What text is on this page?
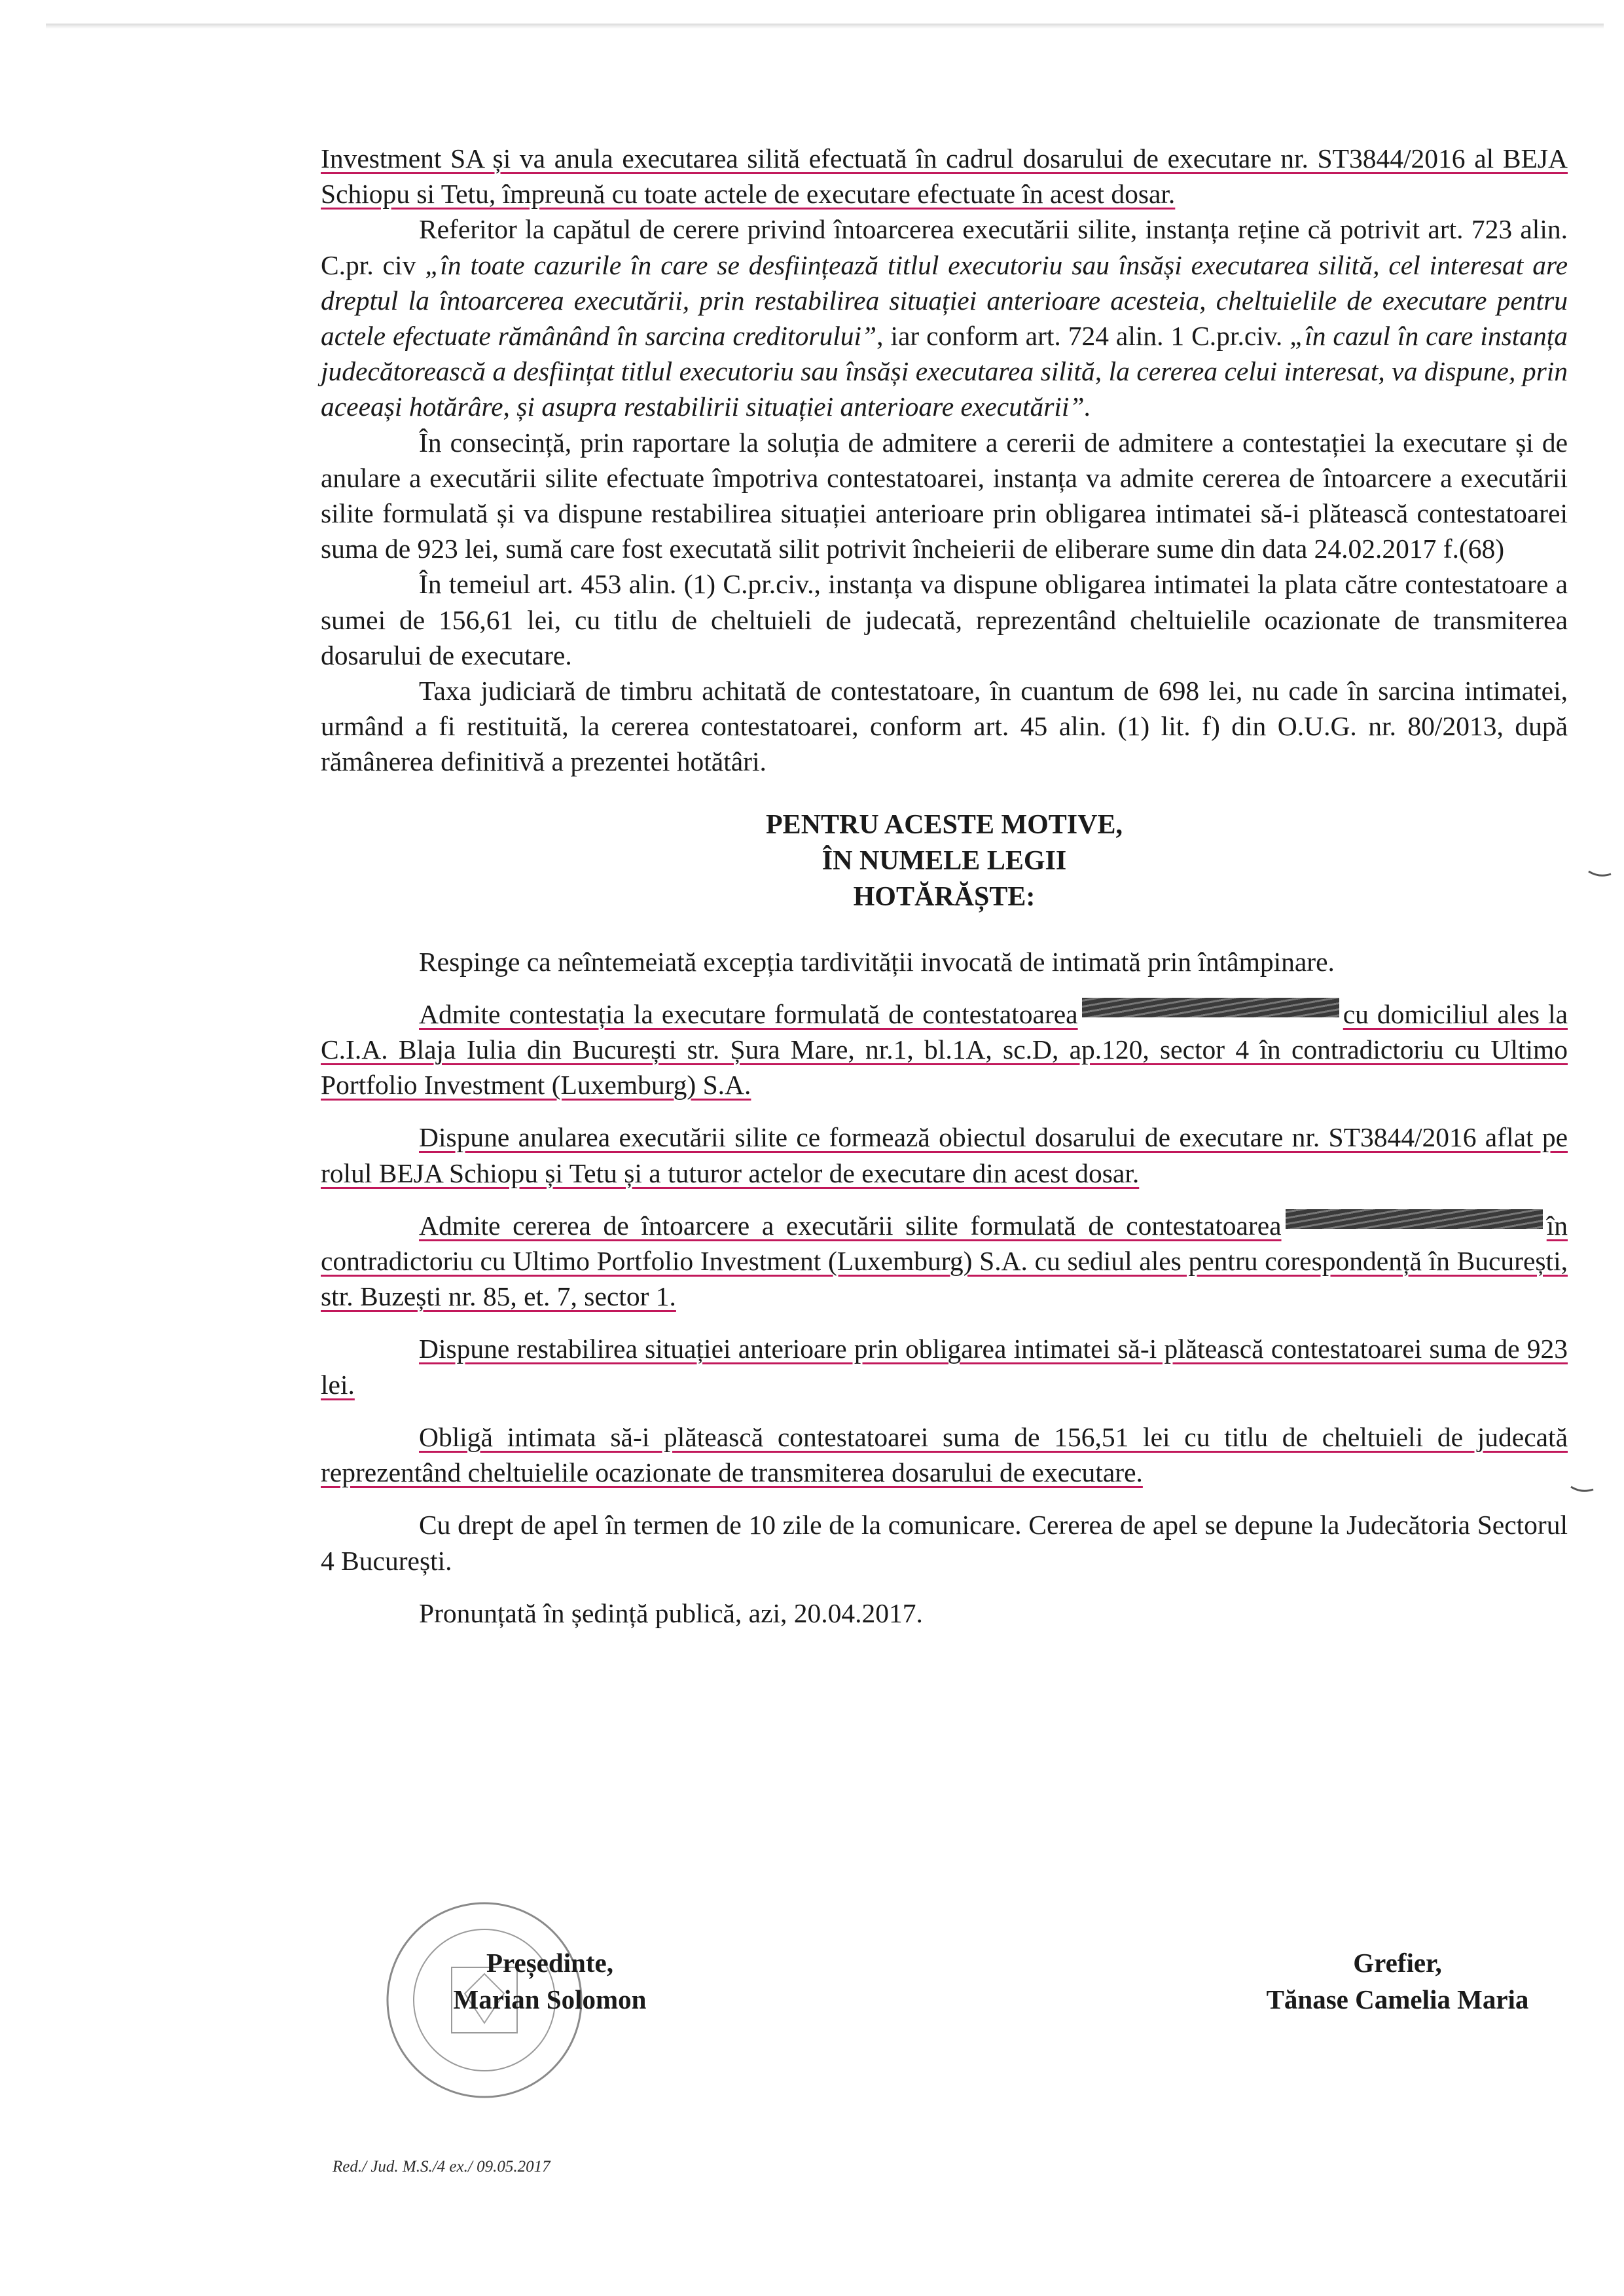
Investment SA și va anula executarea silită efectuată în cadrul dosarului de executare nr. ST3844/2016 al BEJA Schiopu si Tetu, împreună cu toate actele de executare efectuate în acest dosar.

Referitor la capătul de cerere privind întoarcerea executării silite, instanța reține că potrivit art. 723 alin. C.pr. civ „în toate cazurile în care se desființează titlul executoriu sau însăși executarea silită, cel interesat are dreptul la întoarcerea executării, prin restabilirea situației anterioare acesteia, cheltuielile de executare pentru actele efectuate rămânând în sarcina creditorului”, iar conform art. 724 alin. 1 C.pr.civ. „în cazul în care instanța judecătorească a desființat titlul executoriu sau însăși executarea silită, la cererea celui interesat, va dispune, prin aceeași hotărâre, și asupra restabilirii situației anterioare executării”.

În consecință, prin raportare la soluția de admitere a cererii de admitere a contestației la executare și de anulare a executării silite efectuate împotriva contestatoarei, instanța va admite cererea de întoarcere a executării silite formulată și va dispune restabilirea situației anterioare prin obligarea intimatei să-i plătească contestatoarei suma de 923 lei, sumă care fost executată silit potrivit încheierii de eliberare sume din data 24.02.2017 f.(68)

În temeiul art. 453 alin. (1) C.pr.civ., instanța va dispune obligarea intimatei la plata către contestatoare a sumei de 156,61 lei, cu titlu de cheltuieli de judecată, reprezentând cheltuielile ocazionate de transmiterea dosarului de executare.

Taxa judiciară de timbru achitată de contestatoare, în cuantum de 698 lei, nu cade în sarcina intimatei, urmând a fi restituită, la cererea contestatoarei, conform art. 45 alin. (1) lit. f) din O.U.G. nr. 80/2013, după rămânerea definitivă a prezentei hotătâri.

PENTRU ACESTE MOTIVE,
ÎN NUMELE LEGII
HOTĂRĂȘTE:

Respinge ca neîntemeiată excepția tardivității invocată de intimată prin întâmpinare.

Admite contestația la executare formulată de contestatoarea	cu domiciliul ales la C.I.A. Blaja Iulia din București str. Șura Mare, nr.1, bl.1A, sc.D, ap.120, sector 4 în contradictoriu cu Ultimo Portfolio Investment (Luxemburg) S.A.

Dispune anularea executării silite ce formează obiectul dosarului de executare nr. ST3844/2016 aflat pe rolul BEJA Schiopu și Tetu și a tuturor actelor de executare din acest dosar.

Admite cererea de întoarcere a executării silite formulată de contestatoarea	în contradictoriu cu Ultimo Portfolio Investment (Luxemburg) S.A. cu sediul ales pentru corespondență în București, str. Buzești nr. 85, et. 7, sector 1.

Dispune restabilirea situației anterioare prin obligarea intimatei să-i plătească contestatoarei suma de 923 lei.

Obligă intimata să-i plătească contestatoarei suma de 156,51 lei cu titlu de cheltuieli de judecată reprezentând cheltuielile ocazionate de transmiterea dosarului de executare.

Cu drept de apel în termen de 10 zile de la comunicare. Cererea de apel se depune la Judecătoria Sectorul 4 București.

Pronunțată în ședință publică, azi, 20.04.2017.

Președinte,
Marian Solomon
Grefier,
Tănase Camelia Maria
Red./ Jud. M.S./4 ex./ 09.05.2017
